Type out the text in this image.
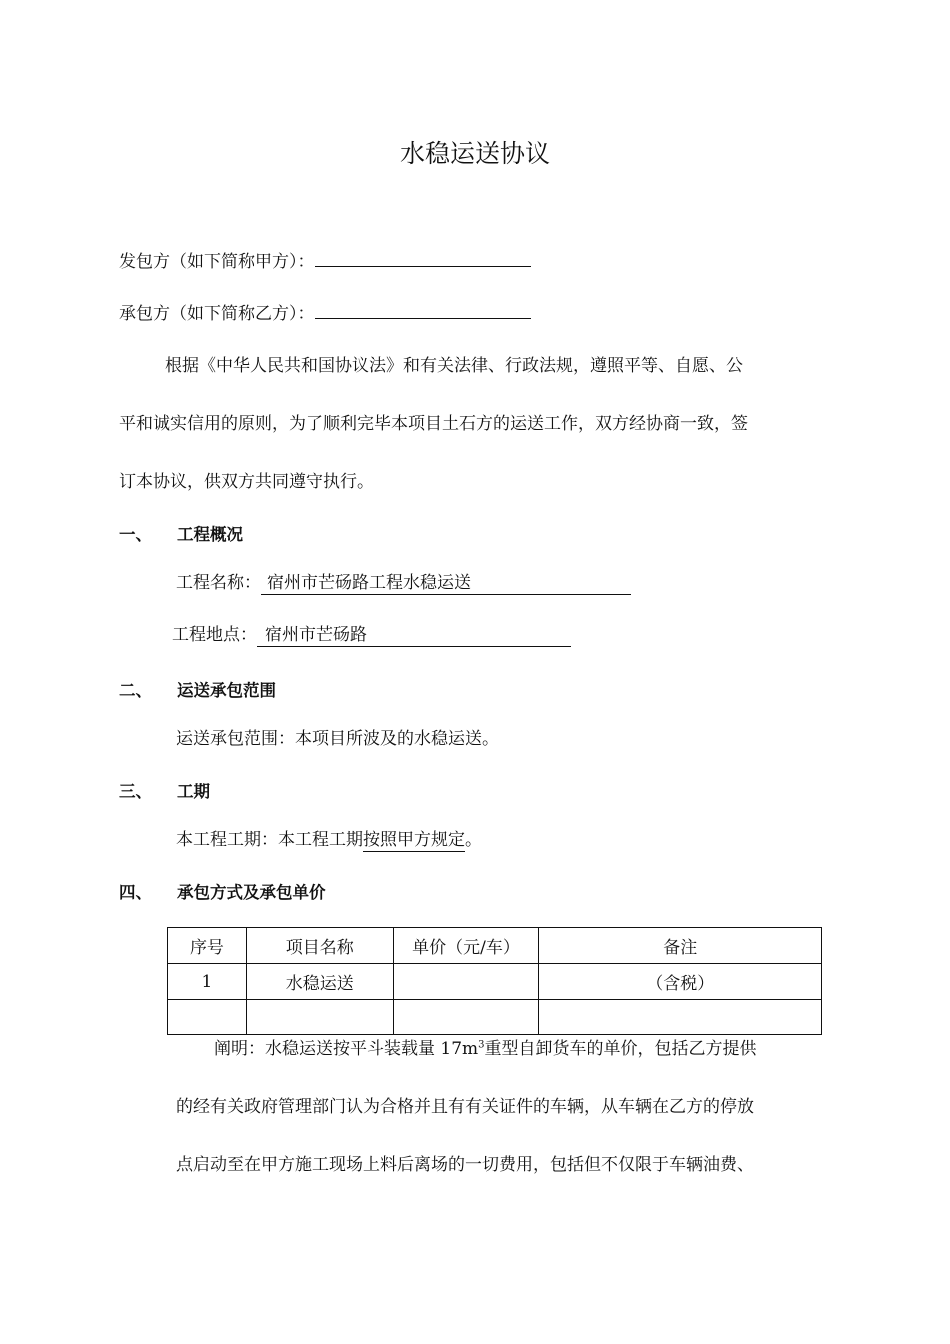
水稳运送协议
发包方（如下简称甲方）：
承包方（如下简称乙方）：
根据《中华人民共和国协议法》和有关法律、行政法规，遵照平等、自愿、公
平和诚实信用的原则，为了顺利完毕本项目土石方的运送工作，双方经协商一致，签
订本协议，供双方共同遵守执行。
一、 工程概况
工程名称： 宿州市芒砀路工程水稳运送
工程地点： 宿州市芒砀路
二、 运送承包范围
运送承包范围：本项目所波及的水稳运送。
三、 工期
本工程工期：本工程工期按照甲方规定。
四、 承包方式及承包单价
序号	项目名称	单价（元/车）	备注
1	水稳运送		（含税）

阐明：水稳运送按平斗装载量 $17m^3$重型自卸货车的单价，包括乙方提供
的经有关政府管理部门认为合格并且有有关证件的车辆，从车辆在乙方的停放
点启动至在甲方施工现场上料后离场的一切费用，包括但不仅限于车辆油费、
